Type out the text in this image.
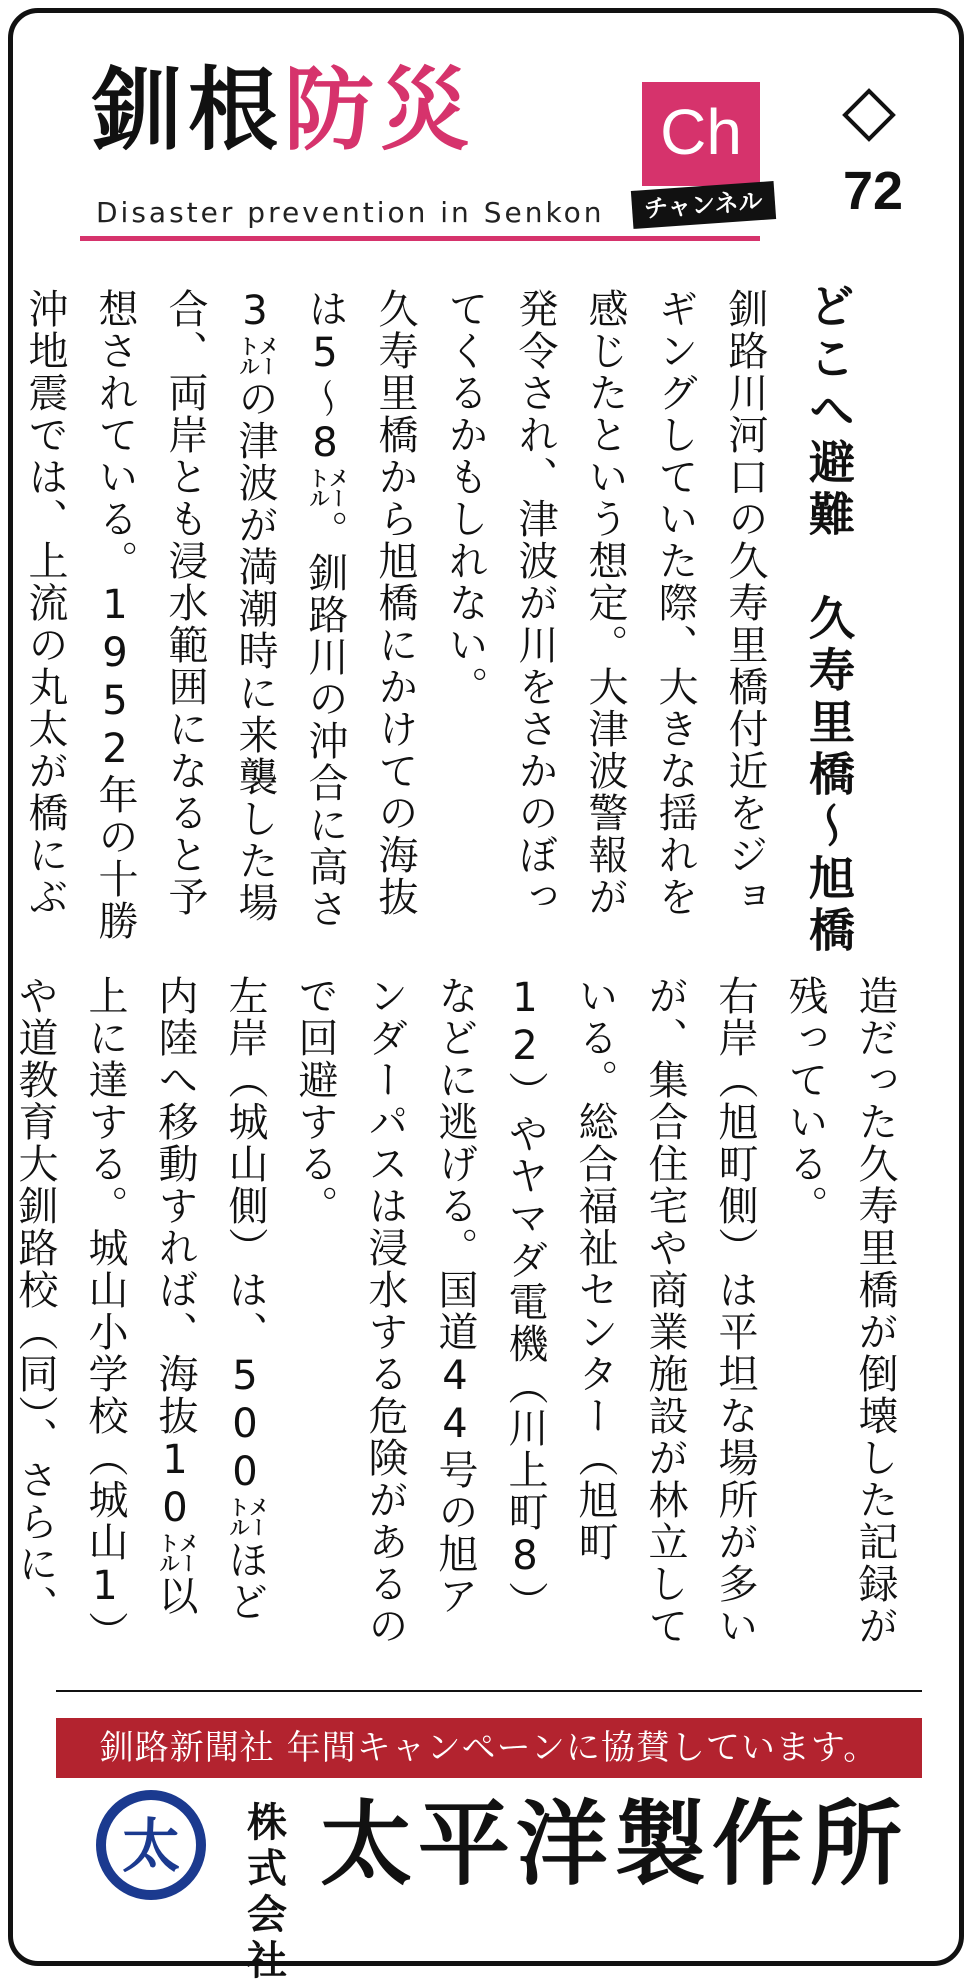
釧根防災	Ch
チャンネル
Disaster prevention in Senkon	72
どこへ避難　久寿里橋〜旭橋

釧路川河口の久寿里橋付近をジョギングしていた際、大きな揺れを感じたという想定。大津波警報が発令され、津波が川をさかのぼってくるかもしれない。

久寿里橋から旭橋にかけての海抜は5〜8㍍。釧路川の沖合に高さ3㍍の津波が満潮時に来襲した場合、両岸とも浸水範囲になると予想されている。1952年の十勝沖地震では、上流の丸太が橋にぶ

造だった久寿里橋が倒壊した記録が残っている。

右岸（旭町側）は平坦な場所が多いが、集合住宅や商業施設が林立している。総合福祉センター（旭町12）やヤマダ電機（川上町8）などに逃げる。国道44号の旭アンダーパスは浸水する危険があるので回避する。

左岸（城山側）は、500㍍ほど内陸へ移動すれば、海抜10㍍以上に達する。城山小学校（城山1）や道教育大釧路校（同）、さらに、

釧路新聞社 年間キャンペーンに協賛しています。
太	株式会社
太平洋製作所
